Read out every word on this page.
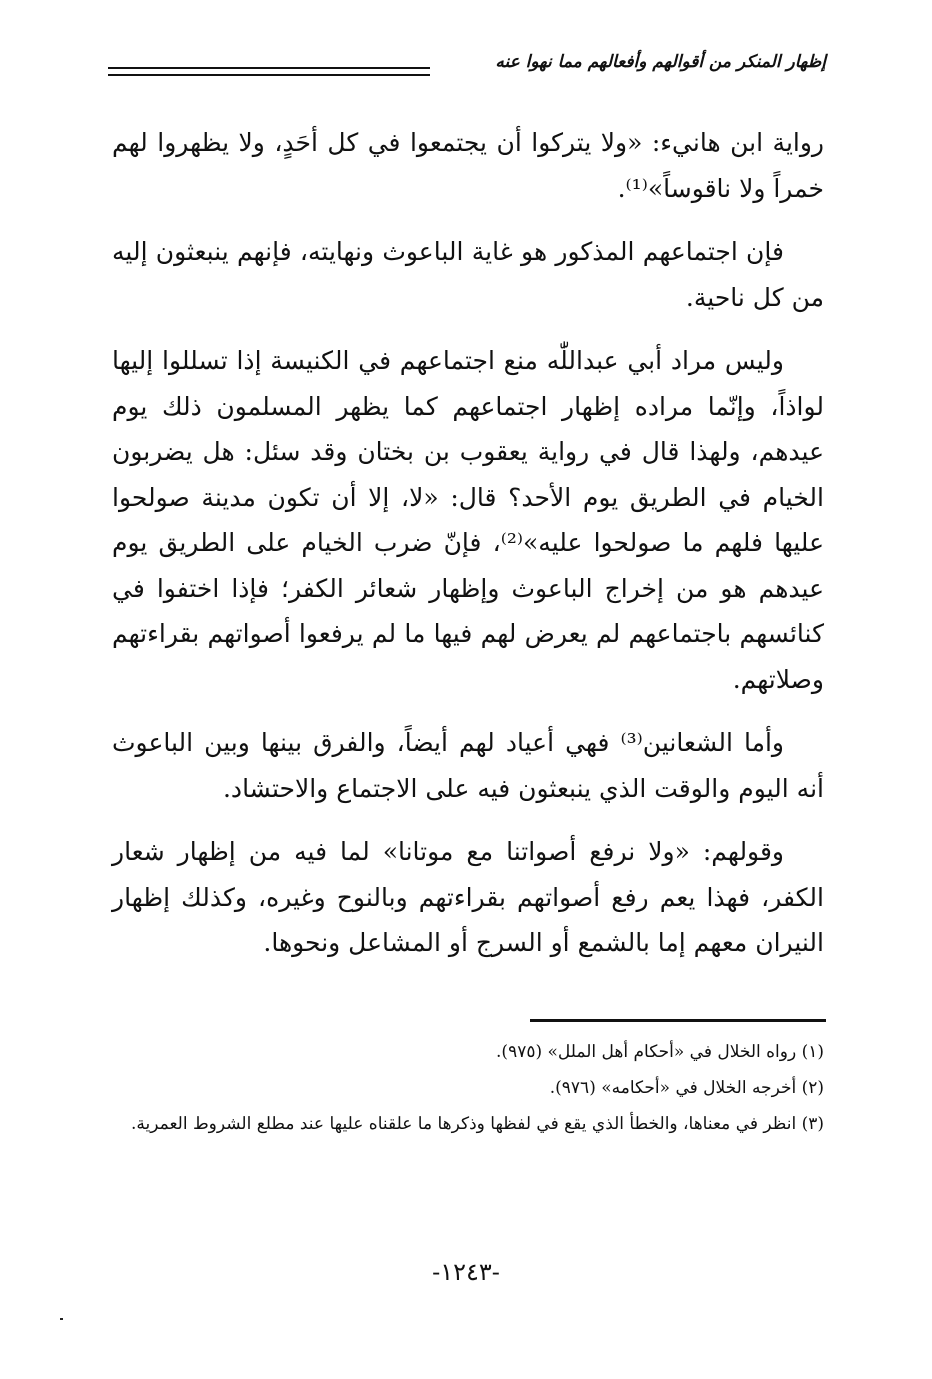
إظهار المنكر من أقوالهم وأفعالهم مما نهوا عنه

رواية ابن هانيء: «ولا يتركوا أن يجتمعوا في كل أحَدٍ، ولا يظهروا لهم خمراً ولا ناقوساً»⁽¹⁾.

فإن اجتماعهم المذكور هو غاية الباعوث ونهايته، فإنهم ينبعثون إليه من كل ناحية.

وليس مراد أبي عبداللّٰه منع اجتماعهم في الكنيسة إذا تسللوا إليها لواذاً، وإنّما مراده إظهار اجتماعهم كما يظهر المسلمون ذلك يوم عيدهم، ولهذا قال في رواية يعقوب بن بختان وقد سئل: هل يضربون الخيام في الطريق يوم الأحد؟ قال: «لا، إلا أن تكون مدينة صولحوا عليها فلهم ما صولحوا عليه»⁽²⁾، فإنّ ضرب الخيام على الطريق يوم عيدهم هو من إخراج الباعوث وإظهار شعائر الكفر؛ فإذا اختفوا في كنائسهم باجتماعهم لم يعرض لهم فيها ما لم يرفعوا أصواتهم بقراءتهم وصلاتهم.

وأما الشعانين⁽³⁾ فهي أعياد لهم أيضاً، والفرق بينها وبين الباعوث أنه اليوم والوقت الذي ينبعثون فيه على الاجتماع والاحتشاد.

وقولهم: «ولا نرفع أصواتنا مع موتانا» لما فيه من إظهار شعار الكفر، فهذا يعم رفع أصواتهم بقراءتهم وبالنوح وغيره، وكذلك إظهار النيران معهم إما بالشمع أو السرج أو المشاعل ونحوها.

(١) رواه الخلال في «أحكام أهل الملل» (٩٧٥).

(٢) أخرجه الخلال في «أحكامه» (٩٧٦).

(٣) انظر في معناها، والخطأ الذي يقع في لفظها وذكرها ما علقناه عليها عند مطلع الشروط العمرية.

-١٢٤٣-
